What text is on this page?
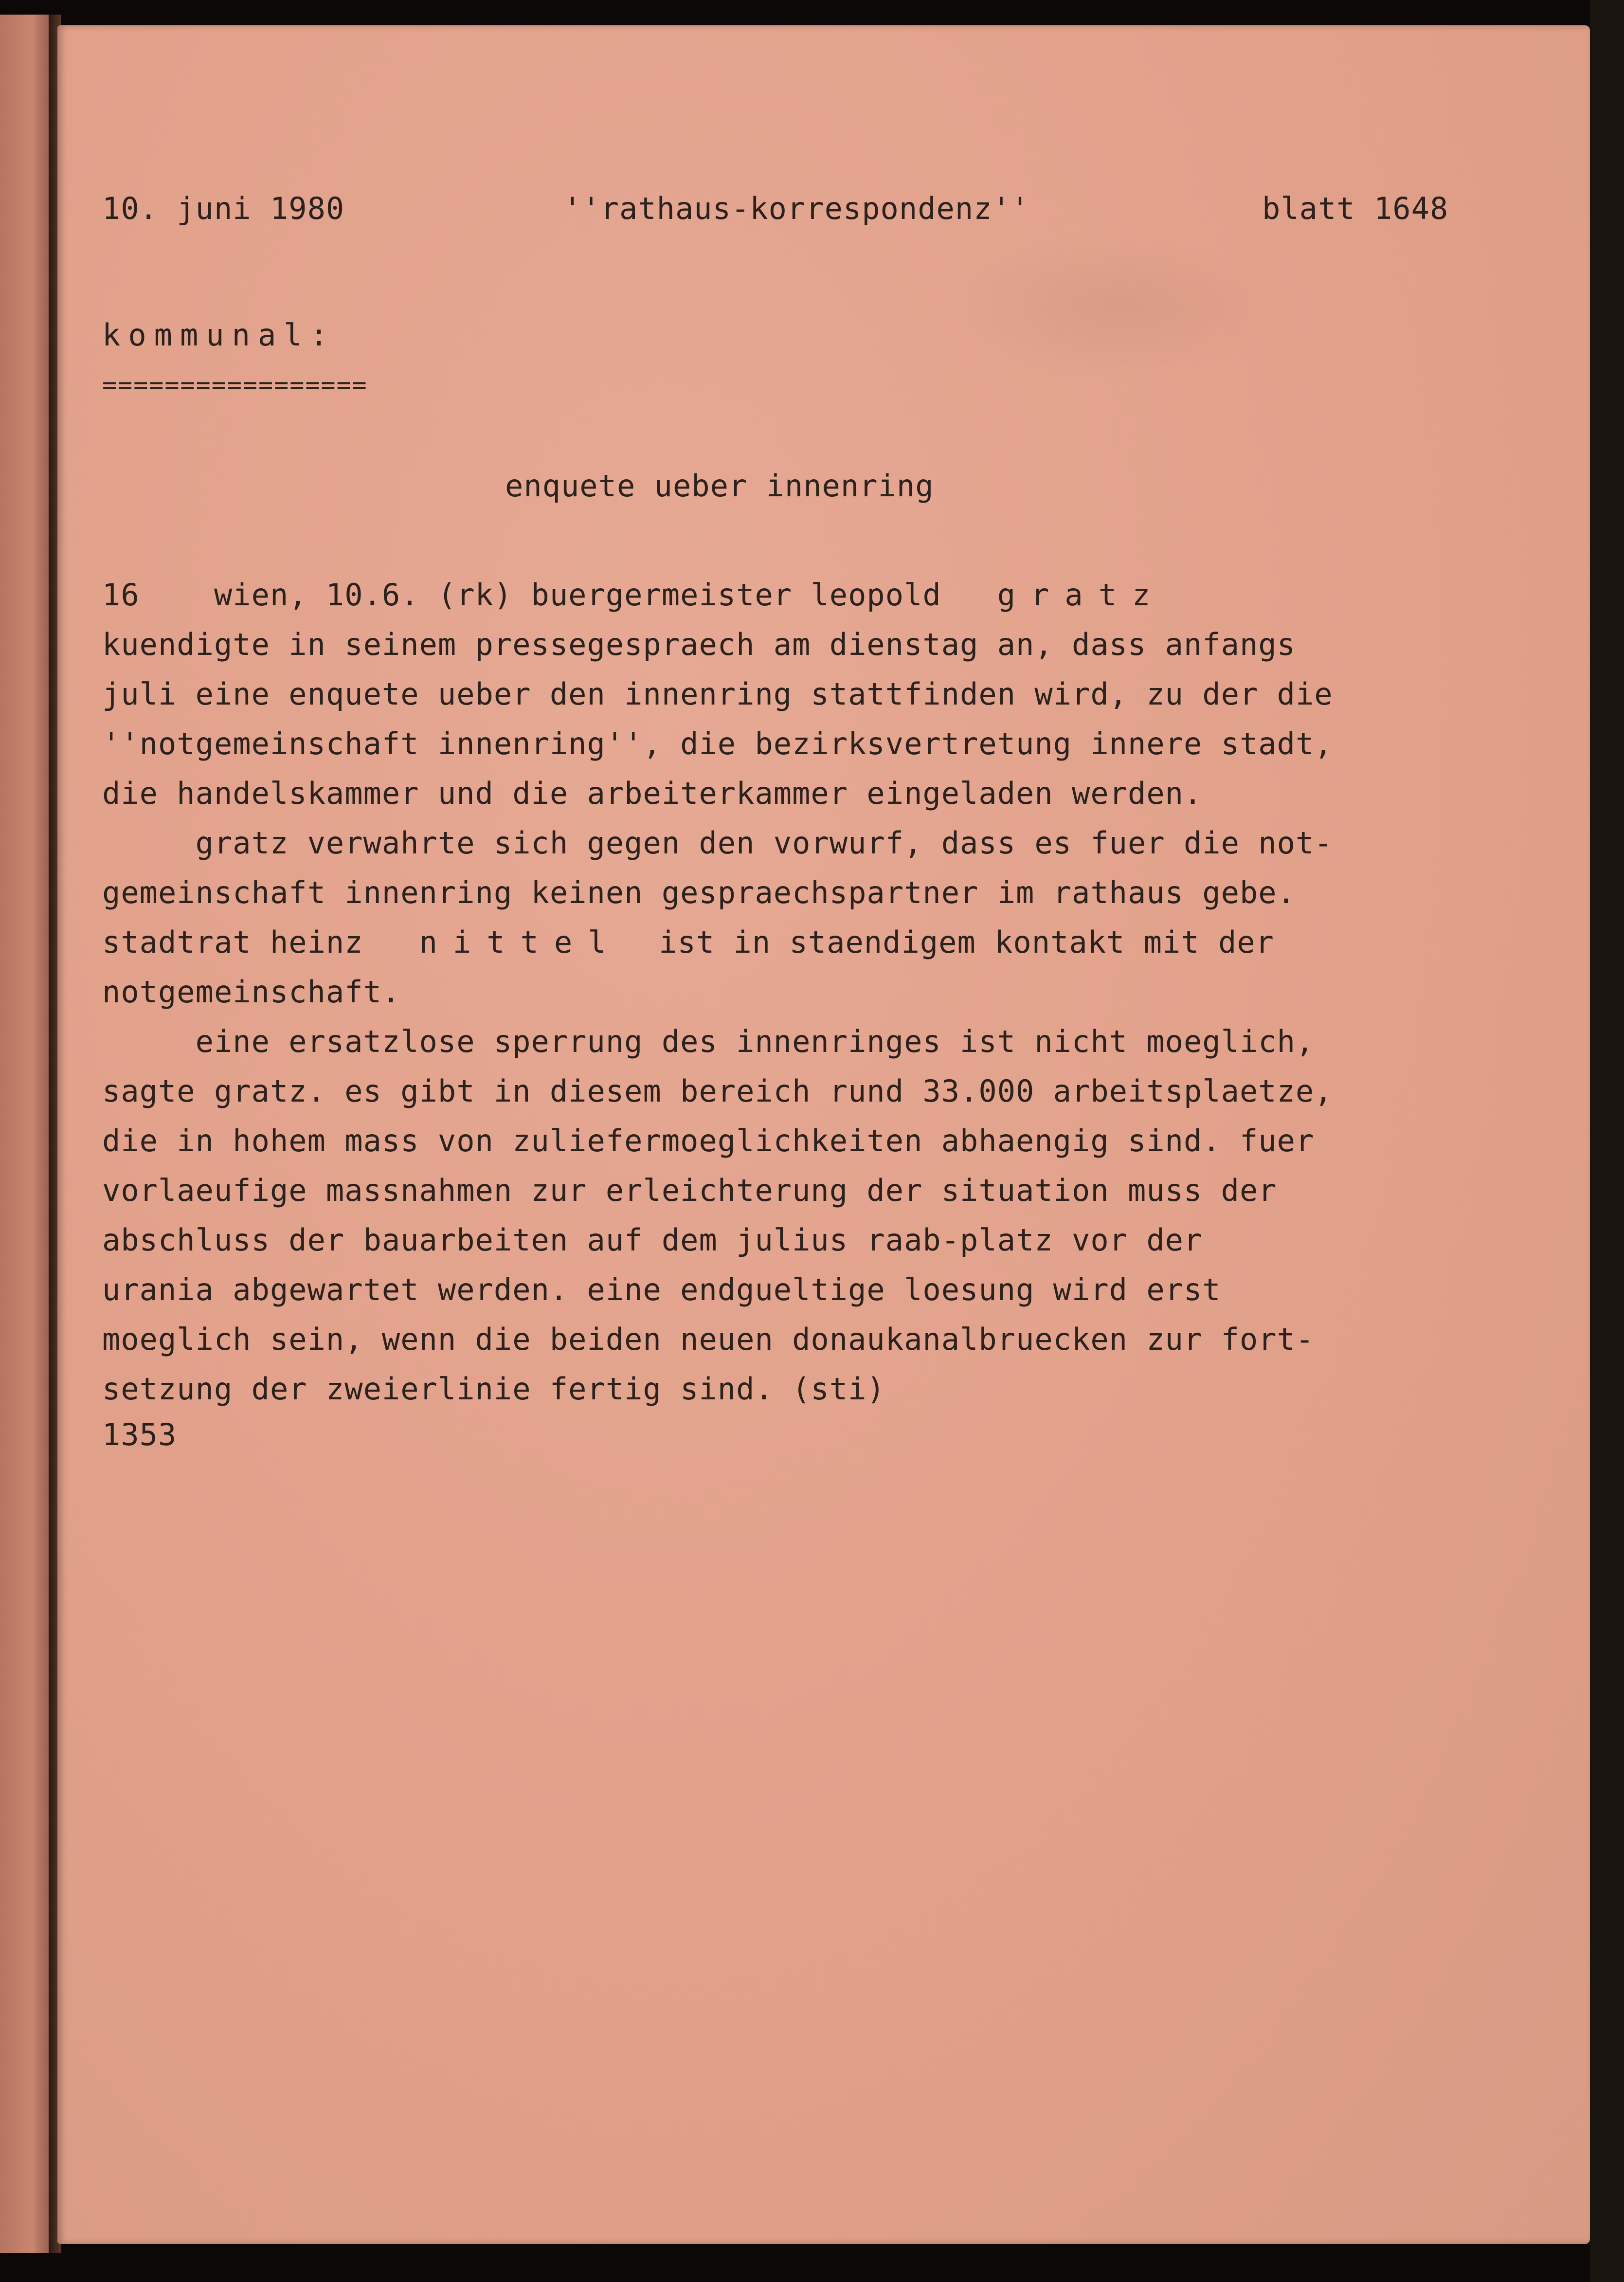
10. juni 1980	''rathaus-korrespondenz''	blatt 1648
kommunal:
=================
enquete ueber innenring
16 wien, 10.6. (rk) buergermeister leopold gratz
kuendigte in seinem pressegespraech am dienstag an, dass anfangs
juli eine enquete ueber den innenring stattfinden wird, zu der die
''notgemeinschaft innenring'', die bezirksvertretung innere stadt,
die handelskammer und die arbeiterkammer eingeladen werden.
gratz verwahrte sich gegen den vorwurf, dass es fuer die not-
gemeinschaft innenring keinen gespraechspartner im rathaus gebe.
stadtrat heinz nittel ist in staendigem kontakt mit der
notgemeinschaft.
eine ersatzlose sperrung des innenringes ist nicht moeglich,
sagte gratz. es gibt in diesem bereich rund 33.000 arbeitsplaetze,
die in hohem mass von zuliefermoeglichkeiten abhaengig sind. fuer
vorlaeufige massnahmen zur erleichterung der situation muss der
abschluss der bauarbeiten auf dem julius raab-platz vor der
urania abgewartet werden. eine endgueltige loesung wird erst
moeglich sein, wenn die beiden neuen donaukanalbruecken zur fort-
setzung der zweierlinie fertig sind. (sti)
1353
